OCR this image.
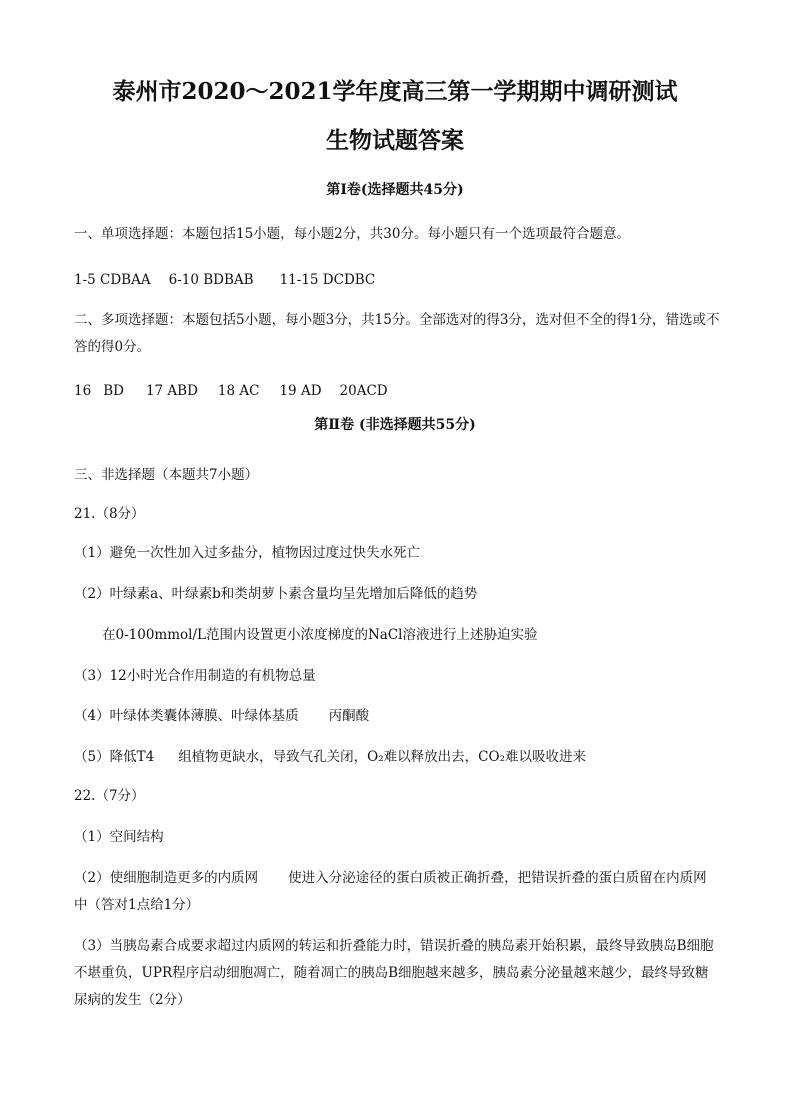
泰州市2020～2021学年度高三第一学期期中调研测试
生物试题答案
第Ⅰ卷(选择题共45分)
一、单项选择题：本题包括15小题，每小题2分，共30分。每小题只有一个选项最符合题意。
1-5 CDBAA 6-10 BDBAB 11-15 DCDBC
二、多项选择题：本题包括5小题，每小题3分，共15分。全部选对的得3分，选对但不全的得1分，错选或不答的得0分。
16 BD 17 ABD 18 AC 19 AD 20ACD
第Ⅱ卷 (非选择题共55分)
三、非选择题（本题共7小题）
21.（8分）
（1）避免一次性加入过多盐分，植物因过度过快失水死亡
（2）叶绿素a、叶绿素b和类胡萝卜素含量均呈先增加后降低的趋势
在0-100mmol/L范围内设置更小浓度梯度的NaCl溶液进行上述胁迫实验
（3）12小时光合作用制造的有机物总量
（4）叶绿体类囊体薄膜、叶绿体基质 丙酮酸
（5）降低T4 组植物更缺水，导致气孔关闭，O₂难以释放出去，CO₂难以吸收进来
22.（7分）
（1）空间结构
（2）使细胞制造更多的内质网 使进入分泌途径的蛋白质被正确折叠，把错误折叠的蛋白质留在内质网中（答对1点给1分）
（3）当胰岛素合成要求超过内质网的转运和折叠能力时，错误折叠的胰岛素开始积累，最终导致胰岛B细胞不堪重负，UPR程序启动细胞凋亡，随着凋亡的胰岛B细胞越来越多，胰岛素分泌量越来越少，最终导致糖尿病的发生（2分）
